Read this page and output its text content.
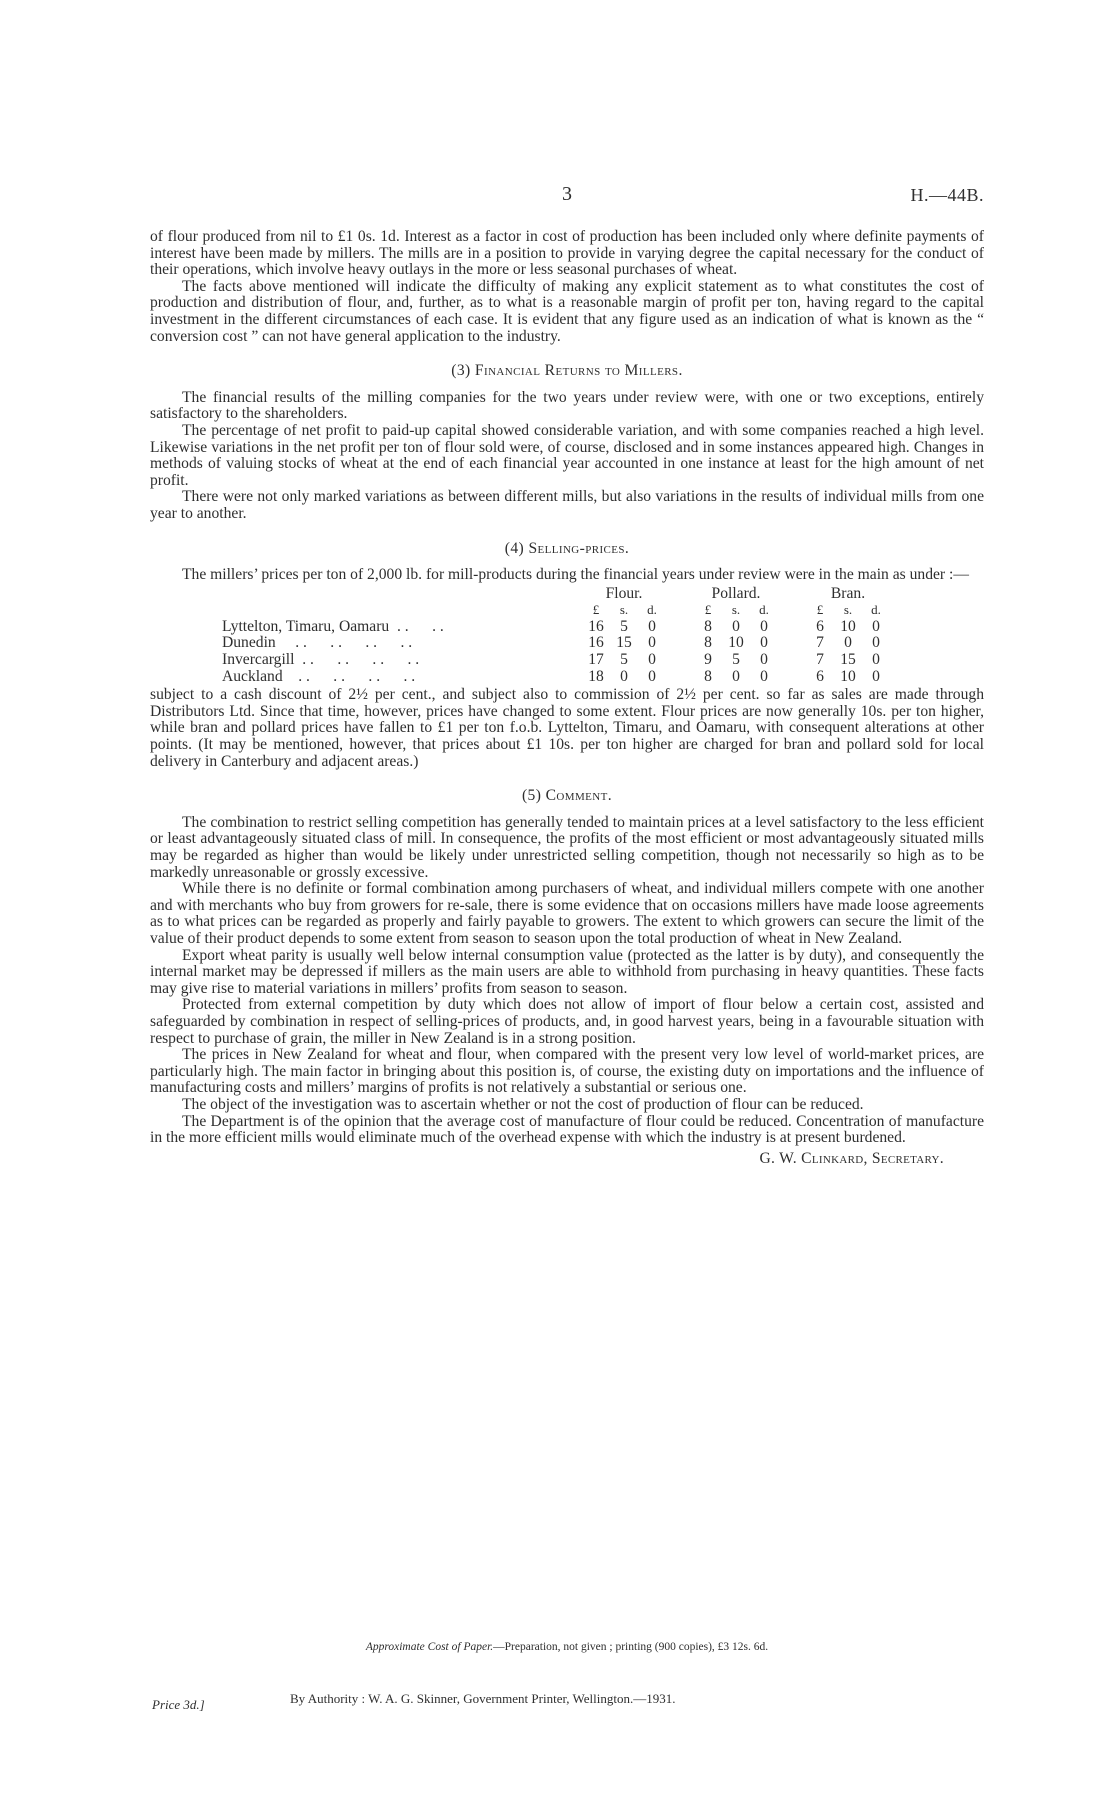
3	H.—44B.

of flour produced from nil to £1 0s. 1d. Interest as a factor in cost of production has been included only where definite payments of interest have been made by millers. The mills are in a position to provide in varying degree the capital necessary for the conduct of their operations, which involve heavy outlays in the more or less seasonal purchases of wheat.

The facts above mentioned will indicate the difficulty of making any explicit statement as to what constitutes the cost of production and distribution of flour, and, further, as to what is a reasonable margin of profit per ton, having regard to the capital investment in the different circumstances of each case. It is evident that any figure used as an indication of what is known as the “ conversion cost ” can not have general application to the industry.

(3) Financial Returns to Millers.

The financial results of the milling companies for the two years under review were, with one or two exceptions, entirely satisfactory to the shareholders.

The percentage of net profit to paid-up capital showed considerable variation, and with some companies reached a high level. Likewise variations in the net profit per ton of flour sold were, of course, disclosed and in some instances appeared high. Changes in methods of valuing stocks of wheat at the end of each financial year accounted in one instance at least for the high amount of net profit.

There were not only marked variations as between different mills, but also variations in the results of individual mills from one year to another.

(4) Selling-prices.

The millers’ prices per ton of 2,000 lb. for mill-products during the financial years under review were in the main as under :—

	Flour.				Pollard.				Bran.		
	£	s.	d.		£	s.	d.		£	s.	d.
Lyttelton, Timaru, Oamaru  . .      . .	16	5	0		8	0	0		6	10	0
Dunedin     . .      . .      . .      . .	16	15	0		8	10	0		7	0	0
Invercargill  . .      . .      . .      . .	17	5	0		9	5	0		7	15	0
Auckland    . .      . .      . .      . .	18	0	0		8	0	0		6	10	0

subject to a cash discount of 2½ per cent., and subject also to commission of 2½ per cent. so far as sales are made through Distributors Ltd. Since that time, however, prices have changed to some extent. Flour prices are now generally 10s. per ton higher, while bran and pollard prices have fallen to £1 per ton f.o.b. Lyttelton, Timaru, and Oamaru, with consequent alterations at other points. (It may be mentioned, however, that prices about £1 10s. per ton higher are charged for bran and pollard sold for local delivery in Canterbury and adjacent areas.)

(5) Comment.

The combination to restrict selling competition has generally tended to maintain prices at a level satisfactory to the less efficient or least advantageously situated class of mill. In consequence, the profits of the most efficient or most advantageously situated mills may be regarded as higher than would be likely under unrestricted selling competition, though not necessarily so high as to be markedly unreasonable or grossly excessive.

While there is no definite or formal combination among purchasers of wheat, and individual millers compete with one another and with merchants who buy from growers for re-sale, there is some evidence that on occasions millers have made loose agreements as to what prices can be regarded as properly and fairly payable to growers. The extent to which growers can secure the limit of the value of their product depends to some extent from season to season upon the total production of wheat in New Zealand.

Export wheat parity is usually well below internal consumption value (protected as the latter is by duty), and consequently the internal market may be depressed if millers as the main users are able to withhold from purchasing in heavy quantities. These facts may give rise to material variations in millers’ profits from season to season.

Protected from external competition by duty which does not allow of import of flour below a certain cost, assisted and safeguarded by combination in respect of selling-prices of products, and, in good harvest years, being in a favourable situation with respect to purchase of grain, the miller in New Zealand is in a strong position.

The prices in New Zealand for wheat and flour, when compared with the present very low level of world-market prices, are particularly high. The main factor in bringing about this position is, of course, the existing duty on importations and the influence of manufacturing costs and millers’ margins of profits is not relatively a substantial or serious one.

The object of the investigation was to ascertain whether or not the cost of production of flour can be reduced.

The Department is of the opinion that the average cost of manufacture of flour could be reduced. Concentration of manufacture in the more efficient mills would eliminate much of the overhead expense with which the industry is at present burdened.

G. W. Clinkard, Secretary.
Approximate Cost of Paper.—Preparation, not given ; printing (900 copies), £3 12s. 6d.
Price 3d.]	By Authority : W. A. G. Skinner, Government Printer, Wellington.—1931.
